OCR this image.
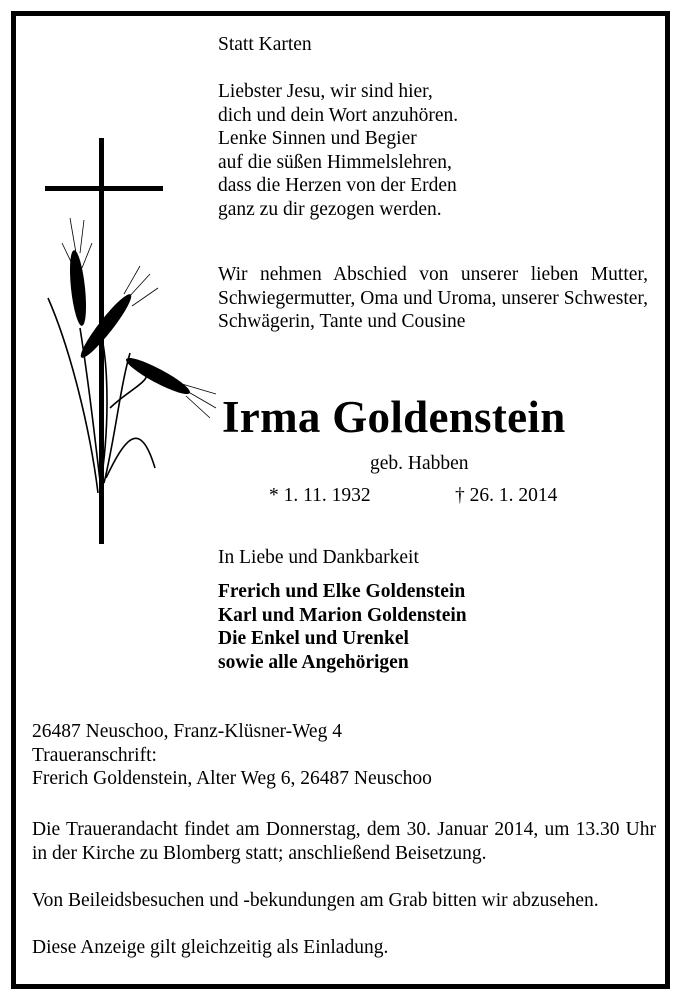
Statt Karten

Liebster Jesu, wir sind hier,
dich und dein Wort anzuhören.
Lenke Sinnen und Begier
auf die süßen Himmelslehren,
dass die Herzen von der Erden
ganz zu dir gezogen werden.

Wir nehmen Abschied von unserer lieben Mutter, Schwiegermutter, Oma und Uroma, unserer Schwester, Schwägerin, Tante und Cousine

Irma Goldenstein

geb. Habben

* 1. 11. 1932	† 26. 1. 2014

In Liebe und Dankbarkeit

Frerich und Elke Goldenstein
Karl und Marion Goldenstein
Die Enkel und Urenkel
sowie alle Angehörigen
26487 Neuschoo, Franz-Klüsner-Weg 4
Traueranschrift:
Frerich Goldenstein, Alter Weg 6, 26487 Neuschoo

Die Trauerandacht findet am Donnerstag, dem 30. Januar 2014, um 13.30 Uhr in der Kirche zu Blomberg statt; anschließend Beisetzung.

Von Beileidsbesuchen und -bekundungen am Grab bitten wir abzusehen.

Diese Anzeige gilt gleichzeitig als Einladung.
